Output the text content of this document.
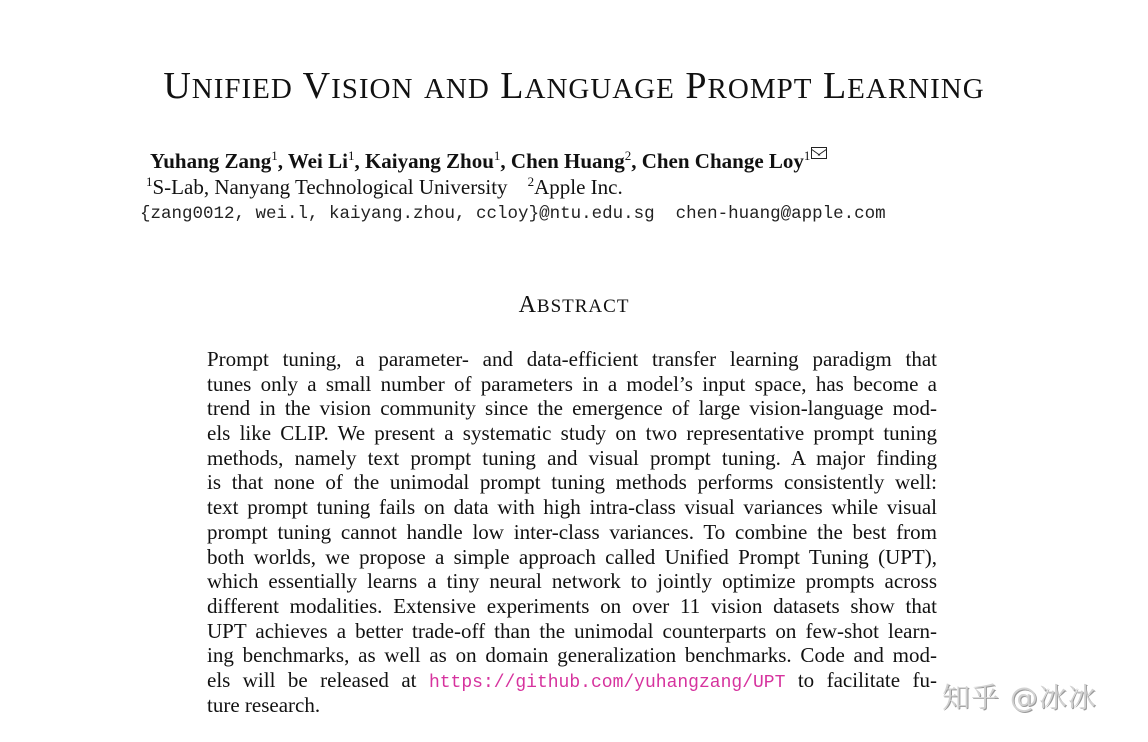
UNIFIED VISION AND LANGUAGE PROMPT LEARNING
Yuhang Zang$^1$, Wei Li$^1$, Kaiyang Zhou$^1$, Chen Huang$^2$, Chen Change Loy$^1$
$^1$S-Lab, Nanyang Technological University $^2$Apple Inc.
{zang0012, wei.l, kaiyang.zhou, ccloy}@ntu.edu.sg chen-huang@apple.com
ABSTRACT
Prompt tuning, a parameter- and data-efficient transfer learning paradigm that
tunes only a small number of parameters in a model’s input space, has become a
trend in the vision community since the emergence of large vision-language mod-
els like CLIP. We present a systematic study on two representative prompt tuning
methods, namely text prompt tuning and visual prompt tuning. A major finding
is that none of the unimodal prompt tuning methods performs consistently well:
text prompt tuning fails on data with high intra-class visual variances while visual
prompt tuning cannot handle low inter-class variances. To combine the best from
both worlds, we propose a simple approach called Unified Prompt Tuning (UPT),
which essentially learns a tiny neural network to jointly optimize prompts across
different modalities. Extensive experiments on over 11 vision datasets show that
UPT achieves a better trade-off than the unimodal counterparts on few-shot learn-
ing benchmarks, as well as on domain generalization benchmarks. Code and mod-
els will be released at https://github.com/yuhangzang/UPT to facilitate fu-
ture research.	知乎 @冰冰
